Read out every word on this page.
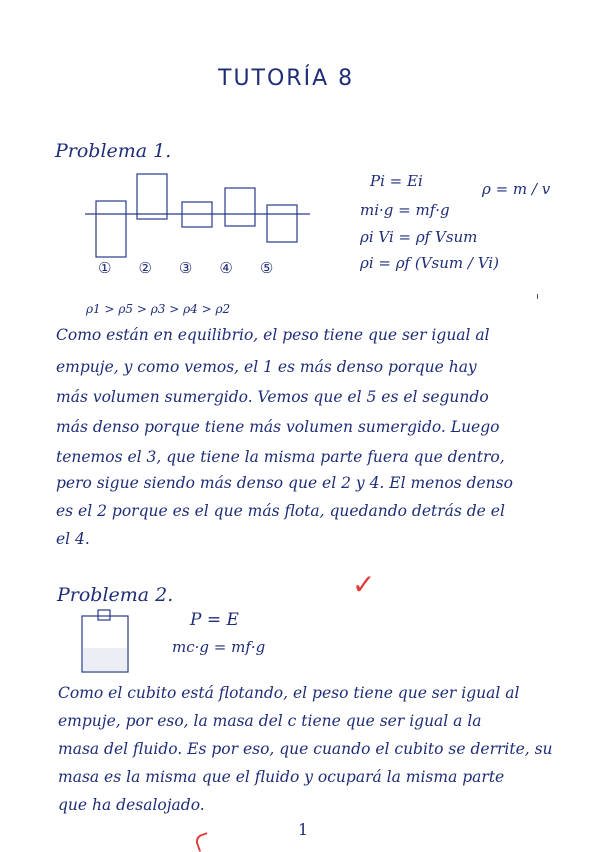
TUTORÍA 8
Problema 1.
①②③④⑤
Pi = Ei
mi·g = mf·g
ρi Vi = ρf Vsum
ρi = ρf (Vsum / Vi)
ρ = m / v
ρ1 > ρ5 > ρ3 > ρ4 > ρ2
Como están en equilibrio, el peso tiene que ser igual al
empuje, y como vemos, el 1 es más denso porque hay
más volumen sumergido. Vemos que el 5 es el segundo
más denso porque tiene más volumen sumergido. Luego
tenemos el 3, que tiene la misma parte fuera que dentro,
pero sigue siendo más denso que el 2 y 4. El menos denso
es el 2 porque es el que más flota, quedando detrás de el
el 4.
✓
Problema 2.
P = E
mc·g = mf·g
Como el cubito está flotando, el peso tiene que ser igual al
empuje, por eso, la masa del c tiene que ser igual a la
masa del fluido. Es por eso, que cuando el cubito se derrite, su
masa es la misma que el fluido y ocupará la misma parte
que ha desalojado.
1
